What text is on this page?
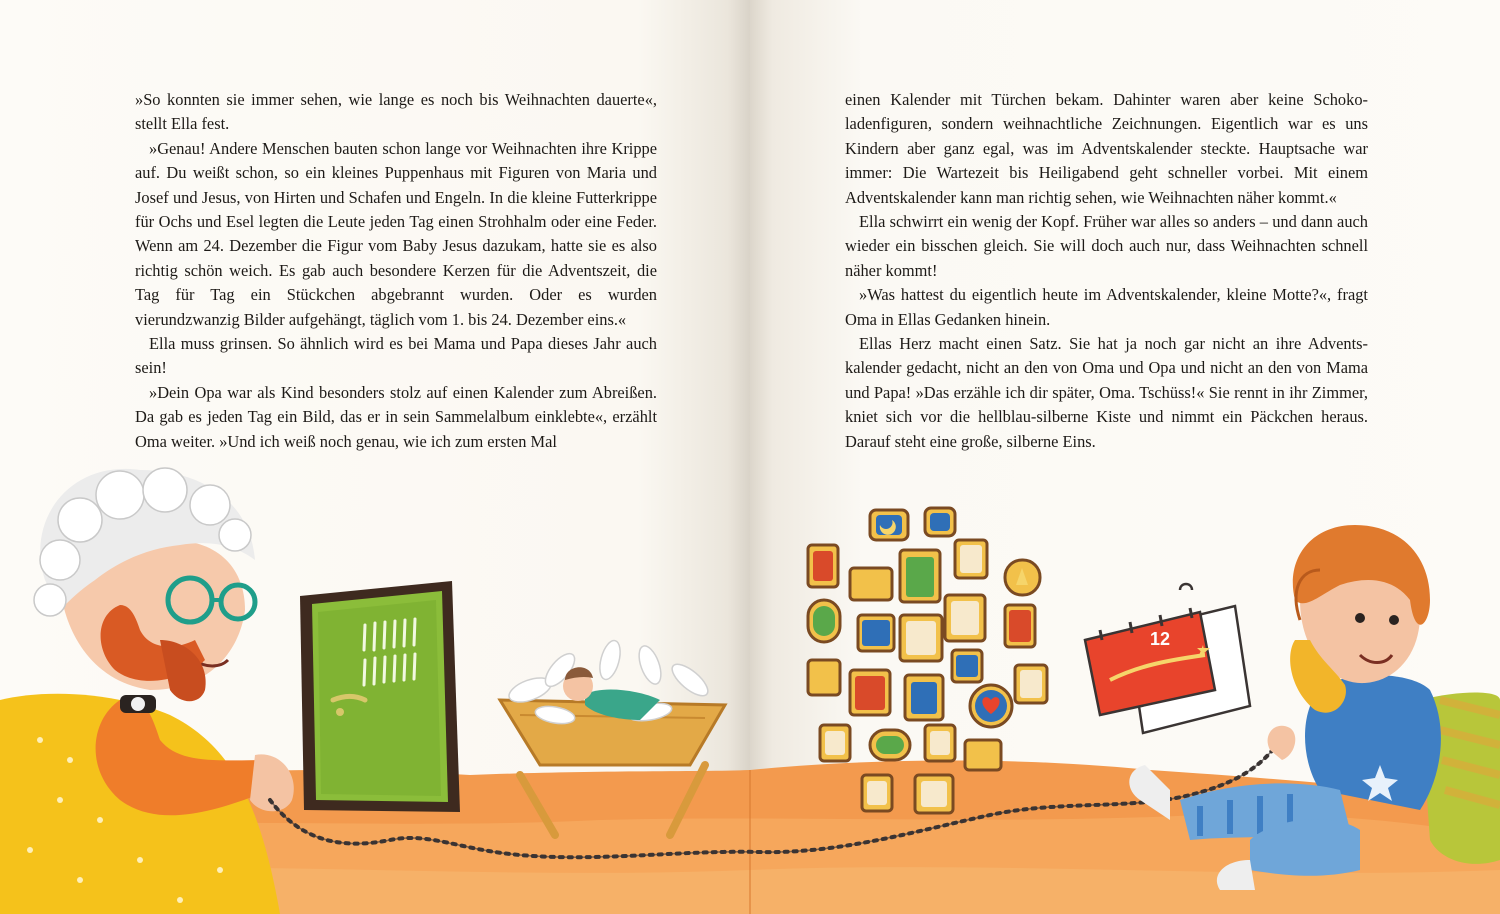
»So konnten sie immer sehen, wie lange es noch bis Weihnachten dauerte«, stellt Ella fest.

»Genau! Andere Menschen bauten schon lange vor Weihnachten ihre Krippe auf. Du weißt schon, so ein kleines Puppenhaus mit Figuren von Maria und Josef und Jesus, von Hirten und Schafen und Engeln. In die kleine Futterkrippe für Ochs und Esel legten die Leute jeden Tag einen Strohhalm oder eine Feder. Wenn am 24. Dezember die Figur vom Baby Jesus dazukam, hatte sie es also richtig schön weich. Es gab auch besondere Kerzen für die Adventszeit, die Tag für Tag ein Stückchen abgebrannt wurden. Oder es wurden vierundzwanzig Bilder aufgehängt, täglich vom 1. bis 24. Dezember eins.«

Ella muss grinsen. So ähnlich wird es bei Mama und Papa dieses Jahr auch sein!

»Dein Opa war als Kind besonders stolz auf einen Kalender zum Abreißen. Da gab es jeden Tag ein Bild, das er in sein Sammelalbum einklebte«, erzählt Oma weiter. »Und ich weiß noch genau, wie ich zum ersten Mal

einen Kalender mit Türchen bekam. Dahinter waren aber keine Schokoladenfiguren, sondern weihnachtliche Zeichnungen. Eigentlich war es uns Kindern aber ganz egal, was im Adventskalender steckte. Hauptsache war immer: Die Wartezeit bis Heiligabend geht schneller vorbei. Mit einem Adventskalender kann man richtig sehen, wie Weihnachten näher kommt.«

Ella schwirrt ein wenig der Kopf. Früher war alles so anders – und dann auch wieder ein bisschen gleich. Sie will doch auch nur, dass Weihnachten schnell näher kommt!

»Was hattest du eigentlich heute im Adventskalender, kleine Motte?«, fragt Oma in Ellas Gedanken hinein.

Ellas Herz macht einen Satz. Sie hat ja noch gar nicht an ihre Adventskalender gedacht, nicht an den von Oma und Opa und nicht an den von Mama und Papa! »Das erzähle ich dir später, Oma. Tschüss!« Sie rennt in ihr Zimmer, kniet sich vor die hellblau-silberne Kiste und nimmt ein Päckchen heraus. Darauf steht eine große, silberne Eins.

12
